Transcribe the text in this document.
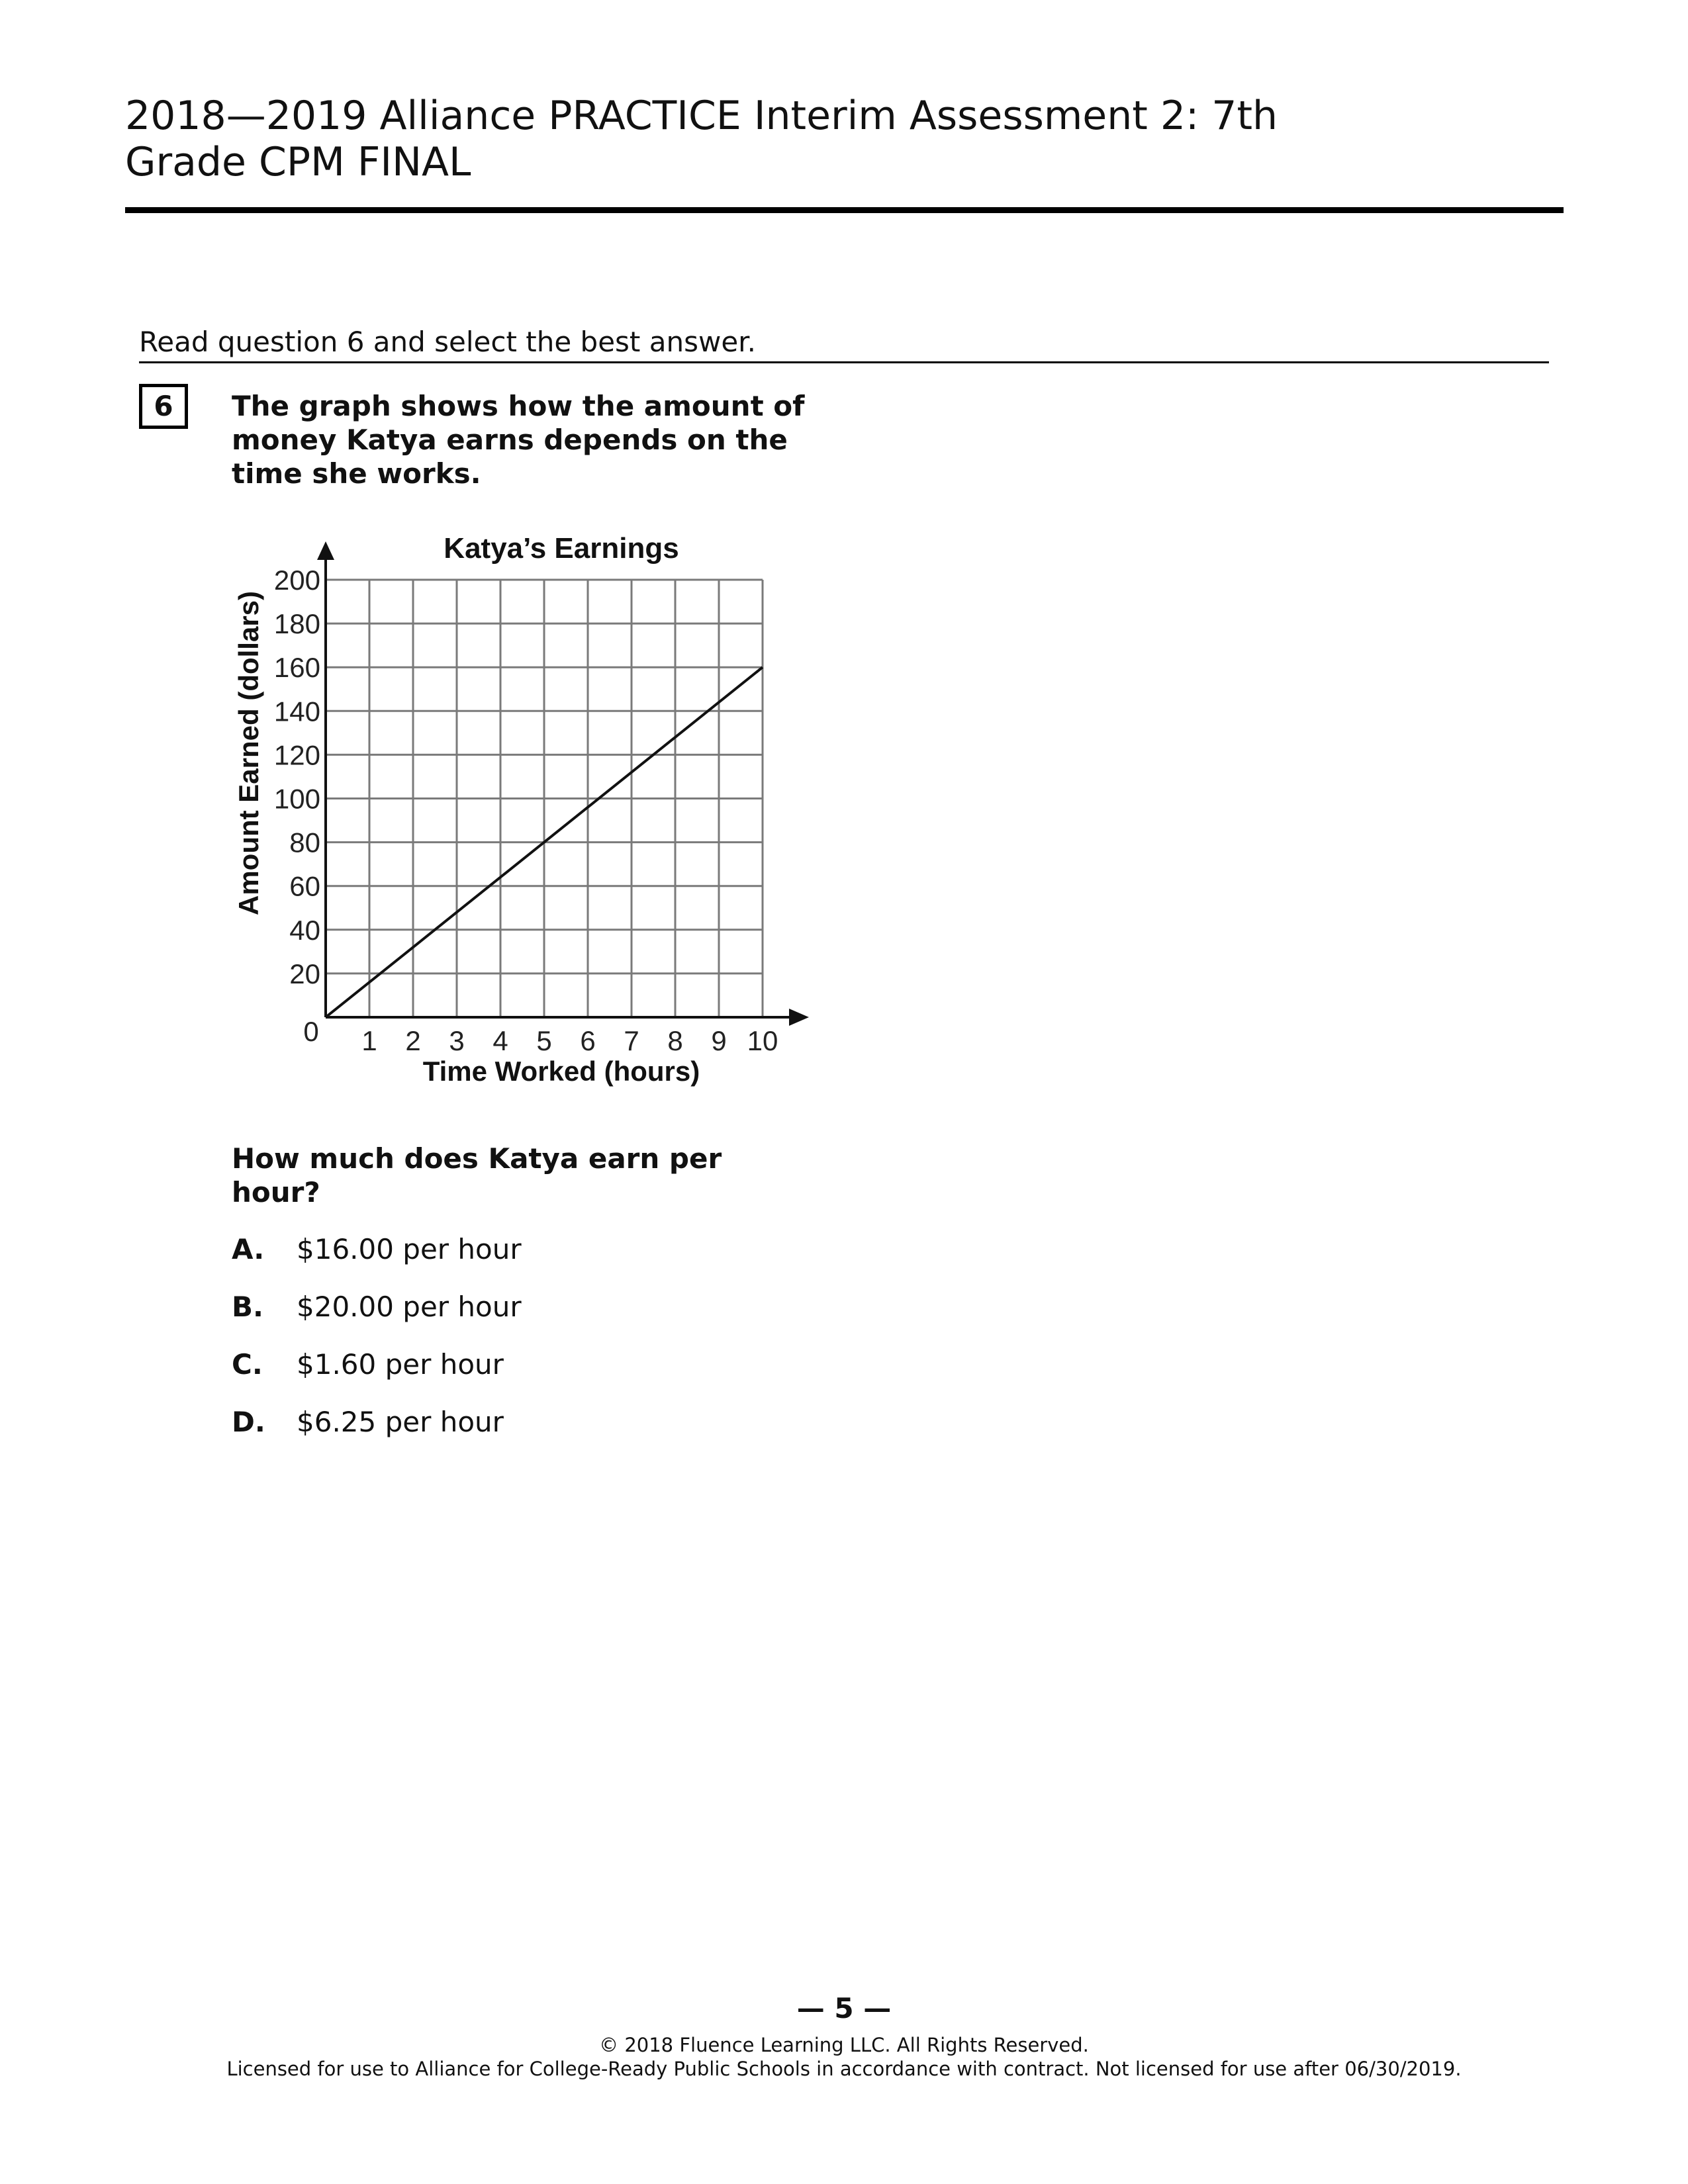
2018—2019 Alliance PRACTICE Interim Assessment 2: 7th
Grade CPM FINAL
Read question 6 and select the best answer.
6	The graph shows how the amount of
money Katya earns depends on the
time she works.
1 2 3 4 5 6 7 8 9 10
20
40
60
80
100
120
140
160
180
200
0
Katya’s Earnings
Time Worked (hours)
Amount Earned (dollars)
How much does Katya earn per
hour?
A. $16.00 per hour
B. $20.00 per hour
C. $1.60 per hour
D. $6.25 per hour
— 5 —
© 2018 Fluence Learning LLC. All Rights Reserved.
Licensed for use to Alliance for College-Ready Public Schools in accordance with contract. Not licensed for use after 06/30/2019.
